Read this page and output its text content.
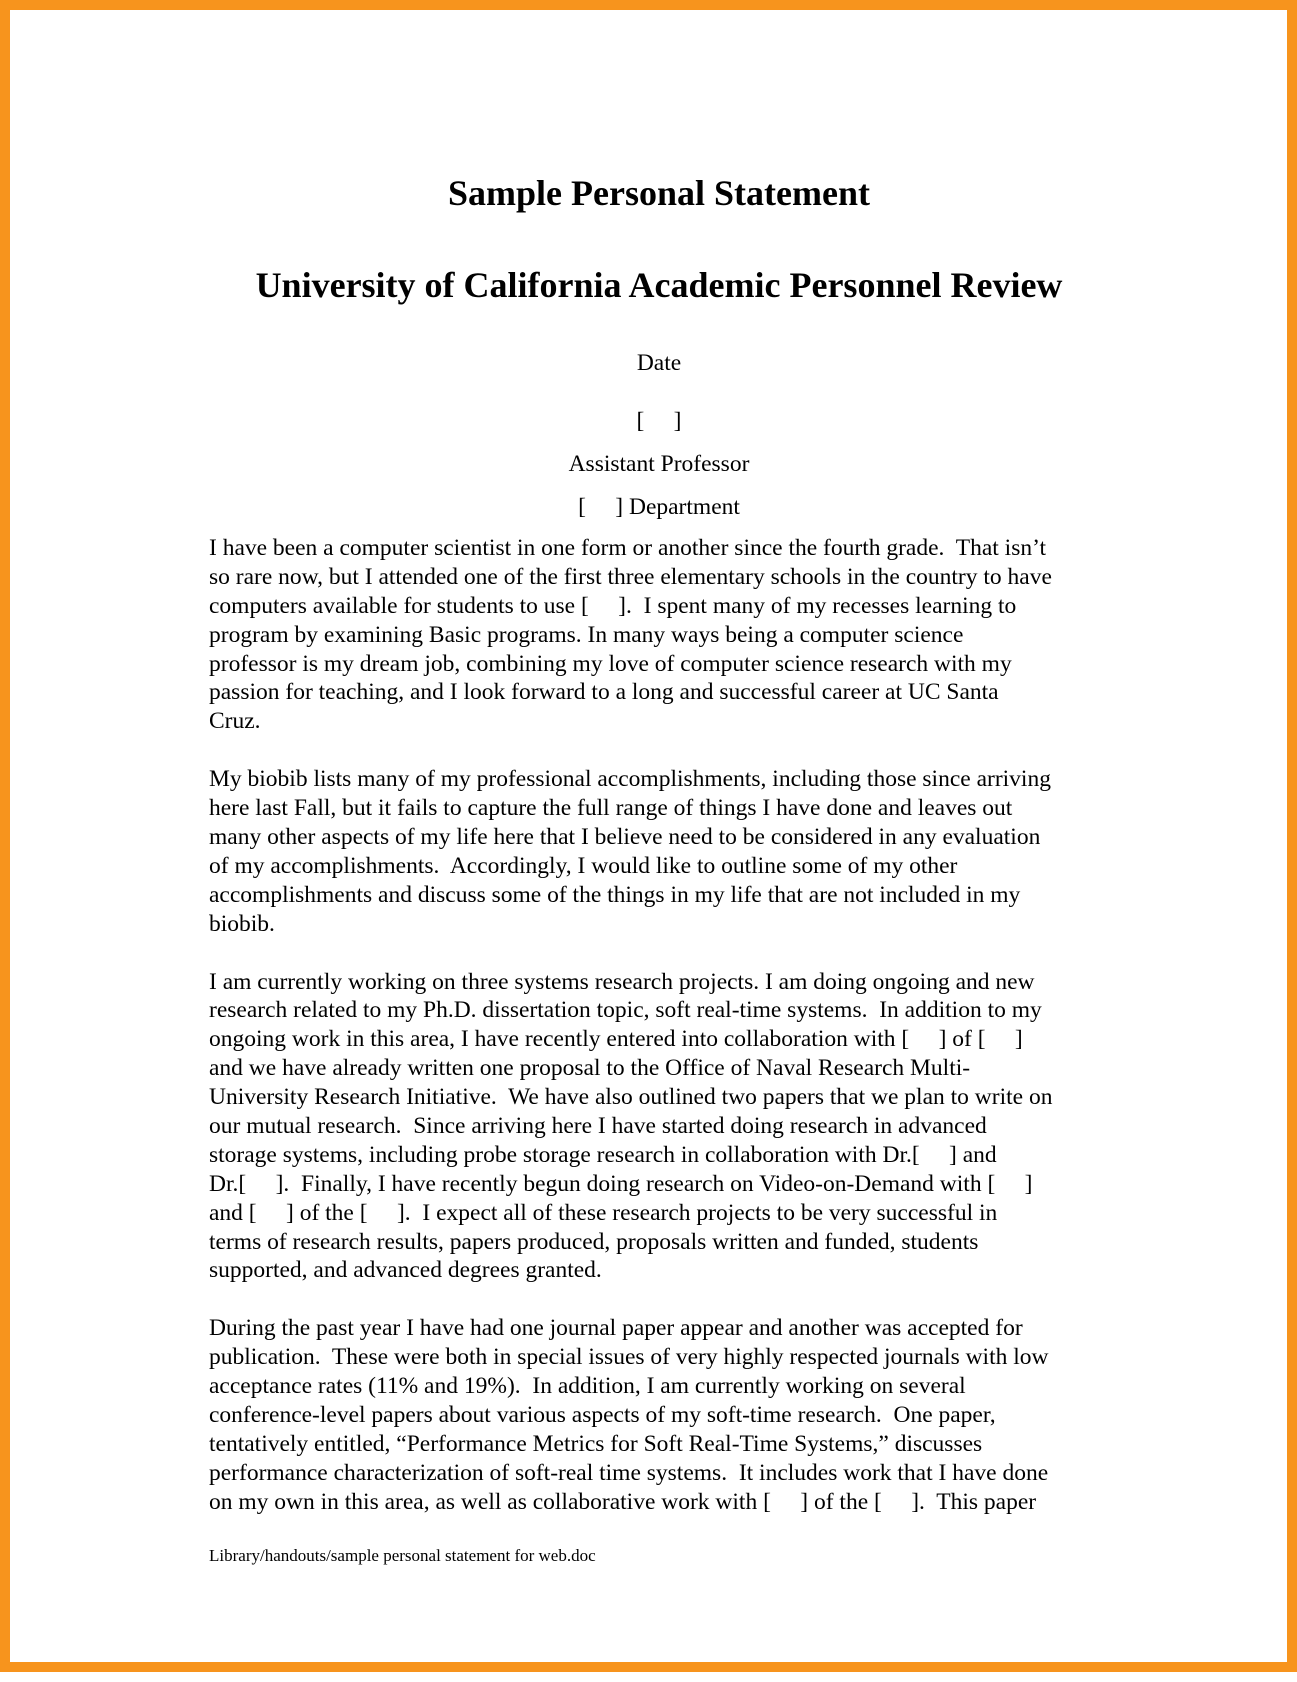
Sample Personal Statement
University of California Academic Personnel Review
Date
[     ]
Assistant Professor
[     ] Department
I have been a computer scientist in one form or another since the fourth grade.  That isn’t
so rare now, but I attended one of the first three elementary schools in the country to have
computers available for students to use [     ].  I spent many of my recesses learning to
program by examining Basic programs. In many ways being a computer science
professor is my dream job, combining my love of computer science research with my
passion for teaching, and I look forward to a long and successful career at UC Santa
Cruz.
My biobib lists many of my professional accomplishments, including those since arriving
here last Fall, but it fails to capture the full range of things I have done and leaves out
many other aspects of my life here that I believe need to be considered in any evaluation
of my accomplishments.  Accordingly, I would like to outline some of my other
accomplishments and discuss some of the things in my life that are not included in my
biobib.
I am currently working on three systems research projects. I am doing ongoing and new
research related to my Ph.D. dissertation topic, soft real-time systems.  In addition to my
ongoing work in this area, I have recently entered into collaboration with [     ] of [     ]
and we have already written one proposal to the Office of Naval Research Multi-
University Research Initiative.  We have also outlined two papers that we plan to write on
our mutual research.  Since arriving here I have started doing research in advanced
storage systems, including probe storage research in collaboration with Dr.[     ] and
Dr.[     ].  Finally, I have recently begun doing research on Video-on-Demand with [     ]
and [     ] of the [     ].  I expect all of these research projects to be very successful in
terms of research results, papers produced, proposals written and funded, students
supported, and advanced degrees granted.
During the past year I have had one journal paper appear and another was accepted for
publication.  These were both in special issues of very highly respected journals with low
acceptance rates (11% and 19%).  In addition, I am currently working on several
conference-level papers about various aspects of my soft-time research.  One paper,
tentatively entitled, “Performance Metrics for Soft Real-Time Systems,” discusses
performance characterization of soft-real time systems.  It includes work that I have done
on my own in this area, as well as collaborative work with [     ] of the [     ].  This paper
Library/handouts/sample personal statement for web.doc
